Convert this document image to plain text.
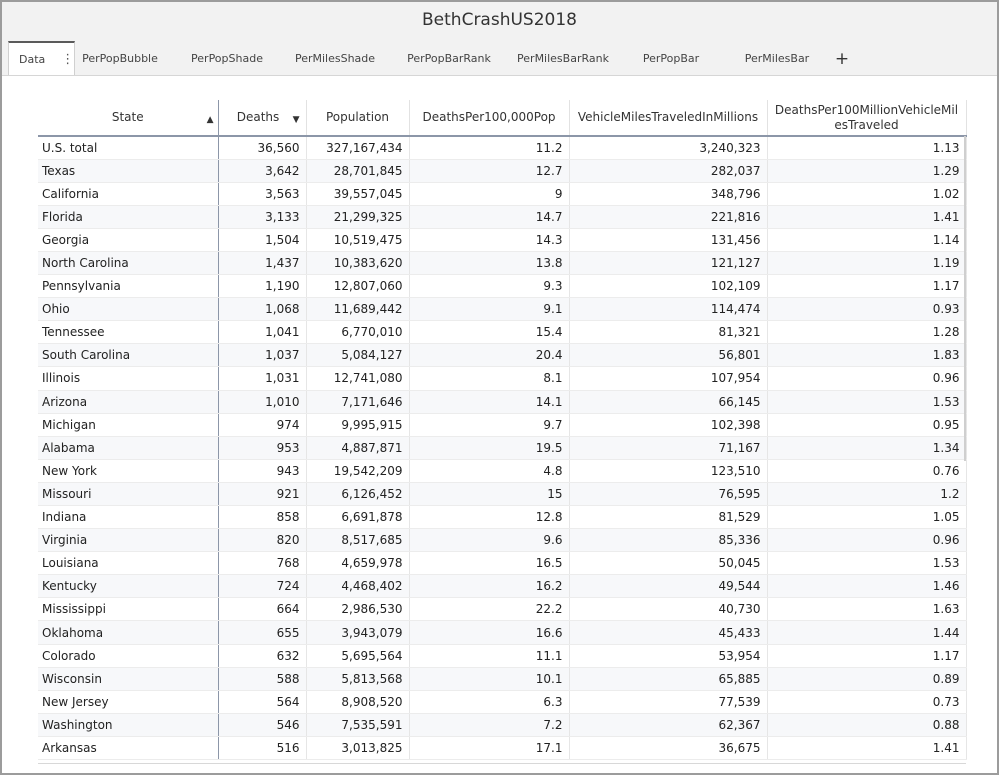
BethCrashUS2018
Data ⋮ PerPopBubble	PerPopShade	PerMilesShade	PerPopBarRank PerMilesBarRank	PerPopBar	PerMilesBar	+
State ▲	Deaths ▼	Population	DeathsPer100,000Pop	VehicleMilesTraveledInMillions	DeathsPer100MillionVehicleMilesTraveled
U.S. total	36,560	327,167,434	11.2	3,240,323	1.13
Texas	3,642	28,701,845	12.7	282,037	1.29
California	3,563	39,557,045	9	348,796	1.02
Florida	3,133	21,299,325	14.7	221,816	1.41
Georgia	1,504	10,519,475	14.3	131,456	1.14
North Carolina	1,437	10,383,620	13.8	121,127	1.19
Pennsylvania	1,190	12,807,060	9.3	102,109	1.17
Ohio	1,068	11,689,442	9.1	114,474	0.93
Tennessee	1,041	6,770,010	15.4	81,321	1.28
South Carolina	1,037	5,084,127	20.4	56,801	1.83
Illinois	1,031	12,741,080	8.1	107,954	0.96
Arizona	1,010	7,171,646	14.1	66,145	1.53
Michigan	974	9,995,915	9.7	102,398	0.95
Alabama	953	4,887,871	19.5	71,167	1.34
New York	943	19,542,209	4.8	123,510	0.76
Missouri	921	6,126,452	15	76,595	1.2
Indiana	858	6,691,878	12.8	81,529	1.05
Virginia	820	8,517,685	9.6	85,336	0.96
Louisiana	768	4,659,978	16.5	50,045	1.53
Kentucky	724	4,468,402	16.2	49,544	1.46
Mississippi	664	2,986,530	22.2	40,730	1.63
Oklahoma	655	3,943,079	16.6	45,433	1.44
Colorado	632	5,695,564	11.1	53,954	1.17
Wisconsin	588	5,813,568	10.1	65,885	0.89
New Jersey	564	8,908,520	6.3	77,539	0.73
Washington	546	7,535,591	7.2	62,367	0.88
Arkansas	516	3,013,825	17.1	36,675	1.41
